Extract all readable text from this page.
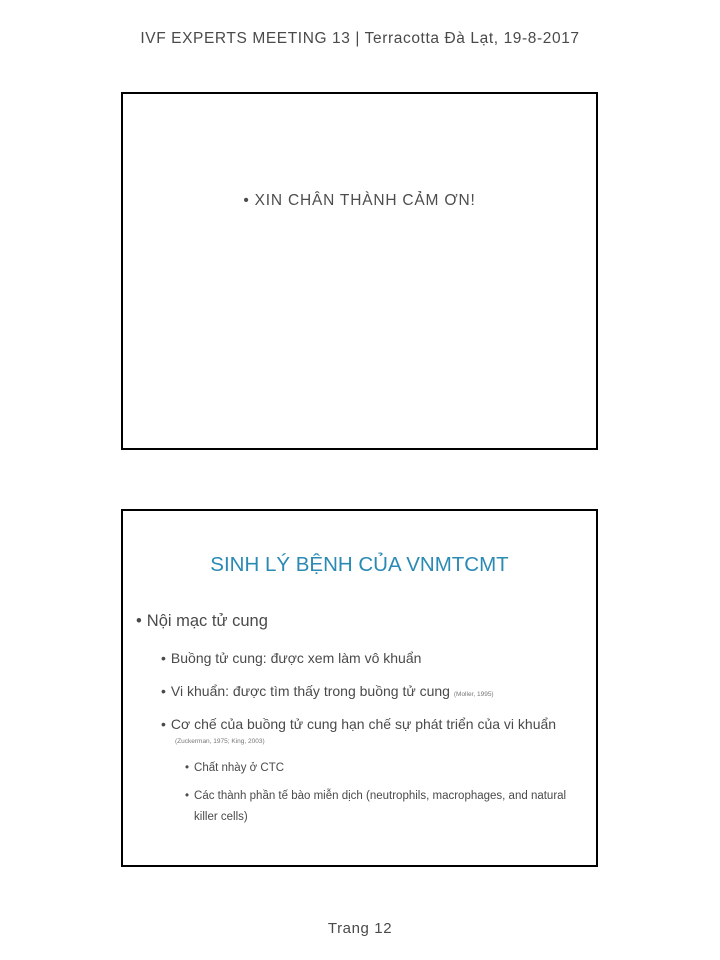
IVF EXPERTS MEETING 13 | Terracotta Đà Lạt, 19-8-2017
• XIN CHÂN THÀNH CẢM ƠN!
SINH LÝ BỆNH CỦA VNMTCMT
• Nội mạc tử cung
• Buồng tử cung: được xem làm vô khuẩn
• Vi khuẩn: được tìm thấy trong buồng tử cung (Moller, 1995)
• Cơ chế của buồng tử cung hạn chế sự phát triển của vi khuẩn
(Zuckerman, 1975; King, 2003)
• Chất nhày ở CTC
• Các thành phần tế bào miễn dịch (neutrophils, macrophages, and natural killer cells)
Trang 12
